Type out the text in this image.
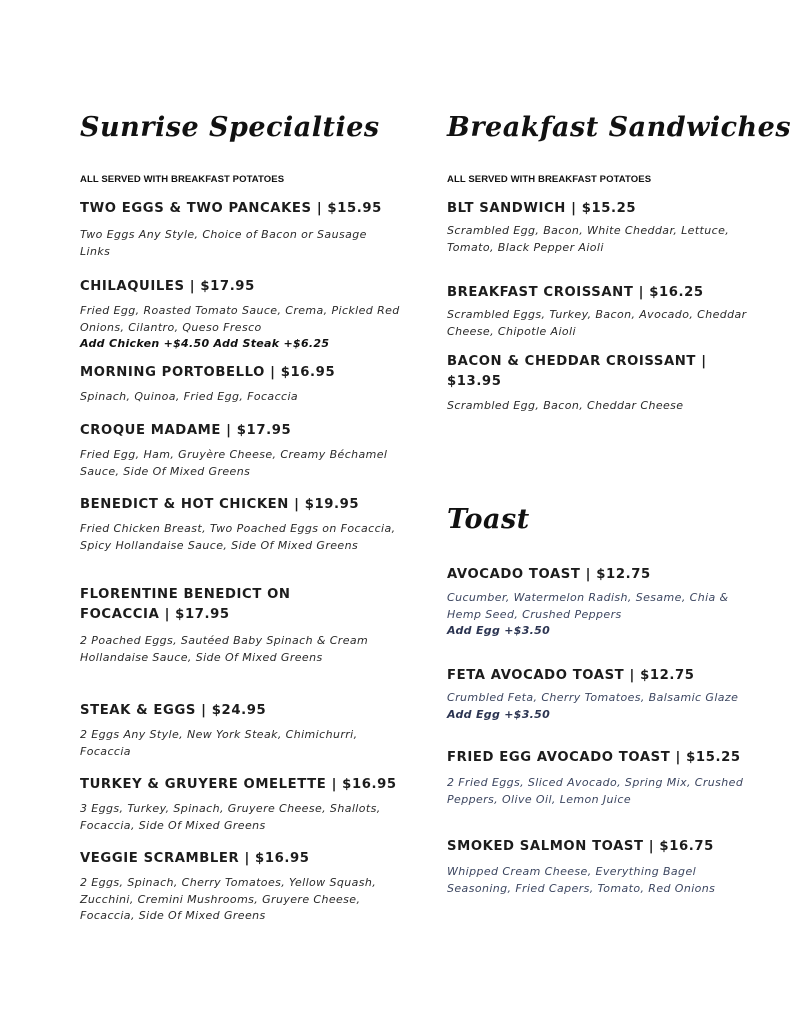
Sunrise Specialties
ALL SERVED WITH BREAKFAST POTATOES
TWO EGGS & TWO PANCAKES | $15.95
Two Eggs Any Style, Choice of Bacon or Sausage Links
CHILAQUILES | $17.95
Fried Egg, Roasted Tomato Sauce, Crema, Pickled Red Onions, Cilantro, Queso Fresco
Add Chicken +$4.50 Add Steak +$6.25
MORNING PORTOBELLO | $16.95
Spinach, Quinoa, Fried Egg, Focaccia
CROQUE MADAME | $17.95
Fried Egg, Ham, Gruyère Cheese, Creamy Béchamel Sauce, Side Of Mixed Greens
BENEDICT & HOT CHICKEN | $19.95
Fried Chicken Breast, Two Poached Eggs on Focaccia, Spicy Hollandaise Sauce, Side Of Mixed Greens
FLORENTINE BENEDICT ON FOCACCIA | $17.95
2 Poached Eggs, Sautéed Baby Spinach & Cream Hollandaise Sauce, Side Of Mixed Greens
STEAK & EGGS | $24.95
2 Eggs Any Style, New York Steak, Chimichurri, Focaccia
TURKEY & GRUYERE OMELETTE | $16.95
3 Eggs, Turkey, Spinach, Gruyere Cheese, Shallots, Focaccia, Side Of Mixed Greens
VEGGIE SCRAMBLER | $16.95
2 Eggs, Spinach, Cherry Tomatoes, Yellow Squash, Zucchini, Cremini Mushrooms, Gruyere Cheese, Focaccia, Side Of Mixed Greens
Breakfast Sandwiches
ALL SERVED WITH BREAKFAST POTATOES
BLT SANDWICH | $15.25
Scrambled Egg, Bacon, White Cheddar, Lettuce, Tomato, Black Pepper Aioli
BREAKFAST CROISSANT | $16.25
Scrambled Eggs, Turkey, Bacon, Avocado, Cheddar Cheese, Chipotle Aioli
BACON & CHEDDAR CROISSANT | $13.95
Scrambled Egg, Bacon, Cheddar Cheese
Toast
AVOCADO TOAST | $12.75
Cucumber, Watermelon Radish, Sesame, Chia & Hemp Seed, Crushed Peppers
Add Egg +$3.50
FETA AVOCADO TOAST | $12.75
Crumbled Feta, Cherry Tomatoes, Balsamic Glaze Add Egg +$3.50
FRIED EGG AVOCADO TOAST | $15.25
2 Fried Eggs, Sliced Avocado, Spring Mix, Crushed Peppers, Olive Oil, Lemon Juice
SMOKED SALMON TOAST | $16.75
Whipped Cream Cheese, Everything Bagel Seasoning, Fried Capers, Tomato, Red Onions
